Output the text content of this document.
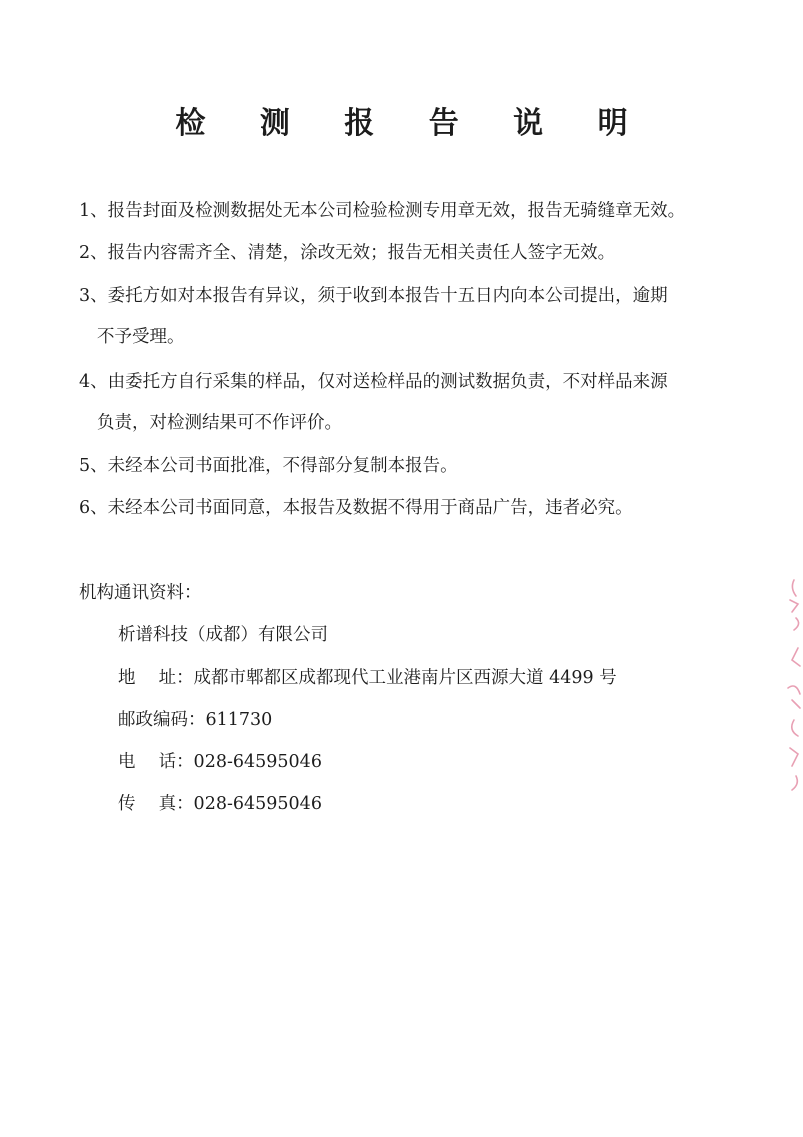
检 测 报 告 说 明
1、报告封面及检测数据处无本公司检验检测专用章无效，报告无骑缝章无效。
2、报告内容需齐全、清楚，涂改无效；报告无相关责任人签字无效。
3、委托方如对本报告有异议，须于收到本报告十五日内向本公司提出，逾期
不予受理。
4、由委托方自行采集的样品，仅对送检样品的测试数据负责，不对样品来源
负责，对检测结果可不作评价。
5、未经本公司书面批准，不得部分复制本报告。
6、未经本公司书面同意，本报告及数据不得用于商品广告，违者必究。
机构通讯资料：
析谱科技（成都）有限公司
地　 址：成都市郫都区成都现代工业港南片区西源大道 4499 号
邮政编码：611730
电　 话：028-64595046
传　 真：028-64595046
